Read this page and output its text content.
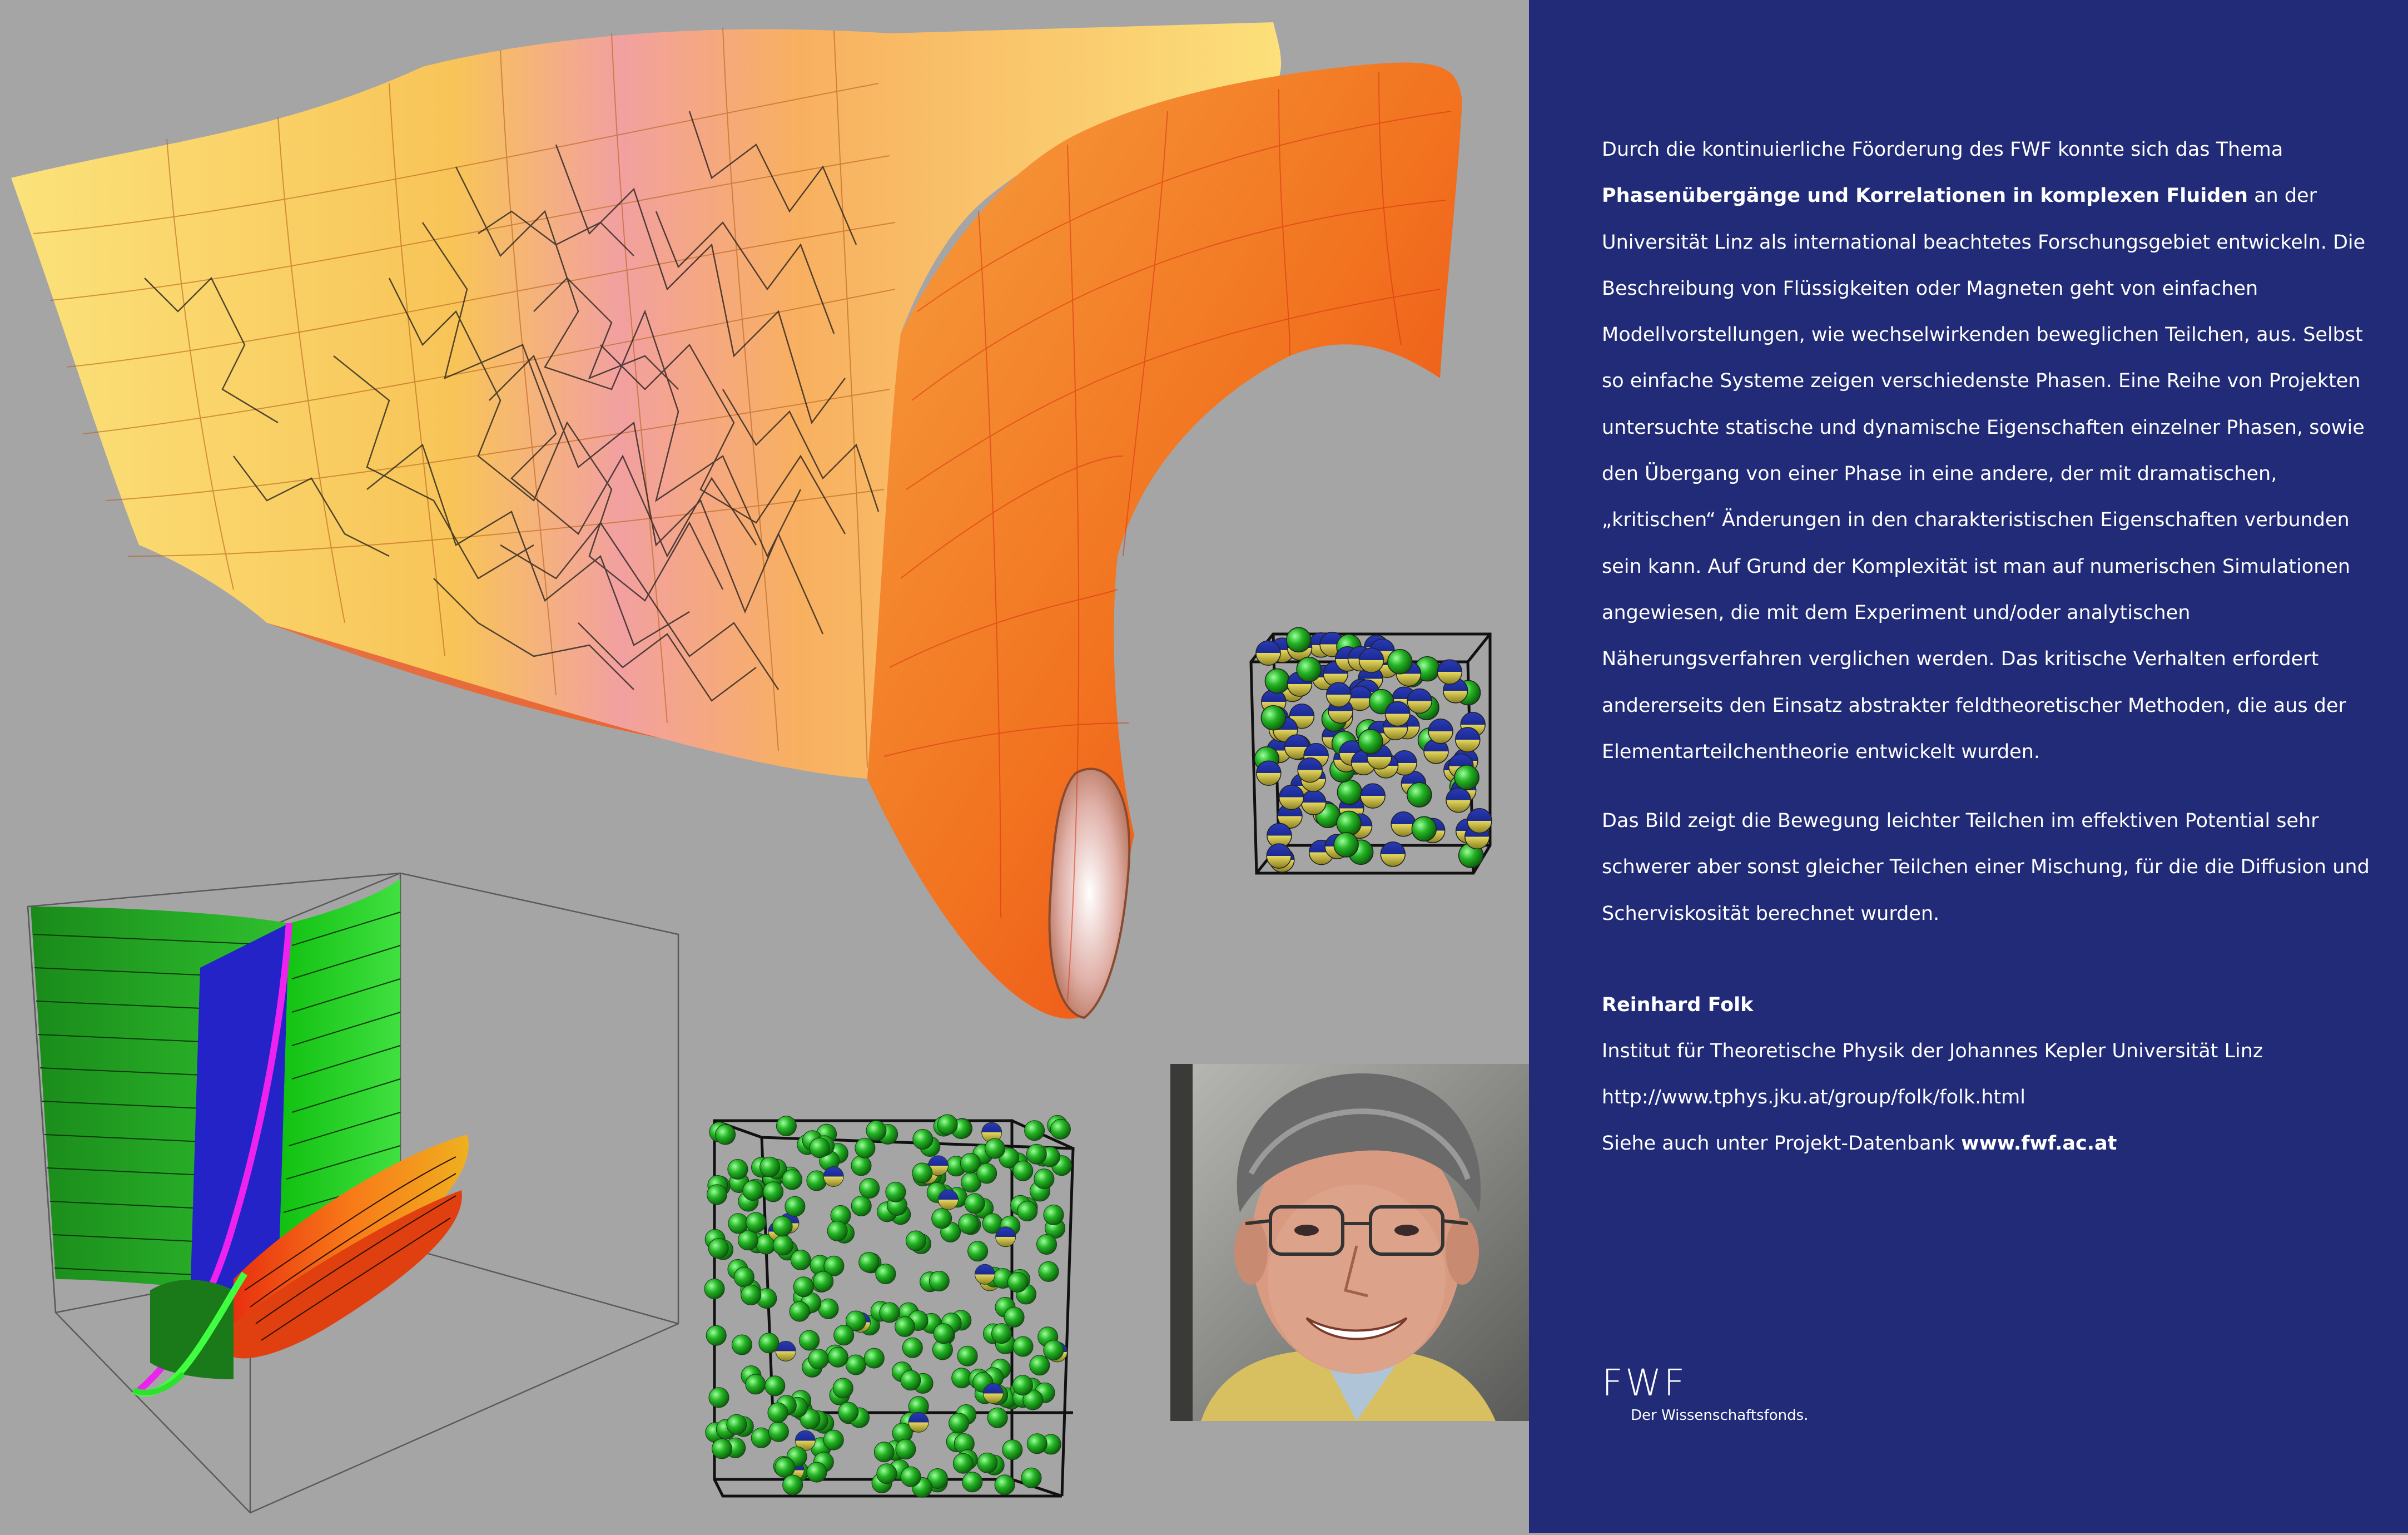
Durch die kontinuierliche Föorderung des FWF konnte sich das Thema Phasenübergänge und Korrelationen in komplexen Fluiden an der Universität Linz als international beachtetes Forschungsgebiet entwickeln. Die Beschreibung von Flüssigkeiten oder Magneten geht von einfachen Modellvorstellungen, wie wechselwirkenden beweglichen Teilchen, aus. Selbst so einfache Systeme zeigen verschiedenste Phasen. Eine Reihe von Projekten untersuchte statische und dynamische Eigenschaften einzelner Phasen, sowie den Übergang von einer Phase in eine andere, der mit dramatischen, „kritischen“ Änderungen in den charakteristischen Eigenschaften verbunden sein kann. Auf Grund der Komplexität ist man auf numerischen Simulationen angewiesen, die mit dem Experiment und/oder analytischen Näherungsverfahren verglichen werden. Das kritische Verhalten erfordert andererseits den Einsatz abstrakter feldtheoretischer Methoden, die aus der Elementarteilchentheorie entwickelt wurden.

Das Bild zeigt die Bewegung leichter Teilchen im effektiven Potential sehr schwerer aber sonst gleicher Teilchen einer Mischung, für die die Diffusion und Scherviskosität berechnet wurden.

Reinhard Folk

Institut für Theoretische Physik der Johannes Kepler Universität Linz

http://www.tphys.jku.at/group/folk/folk.html

Siehe auch unter Projekt-Datenbank www.fwf.ac.at

FWF
Der Wissenschaftsfonds.
